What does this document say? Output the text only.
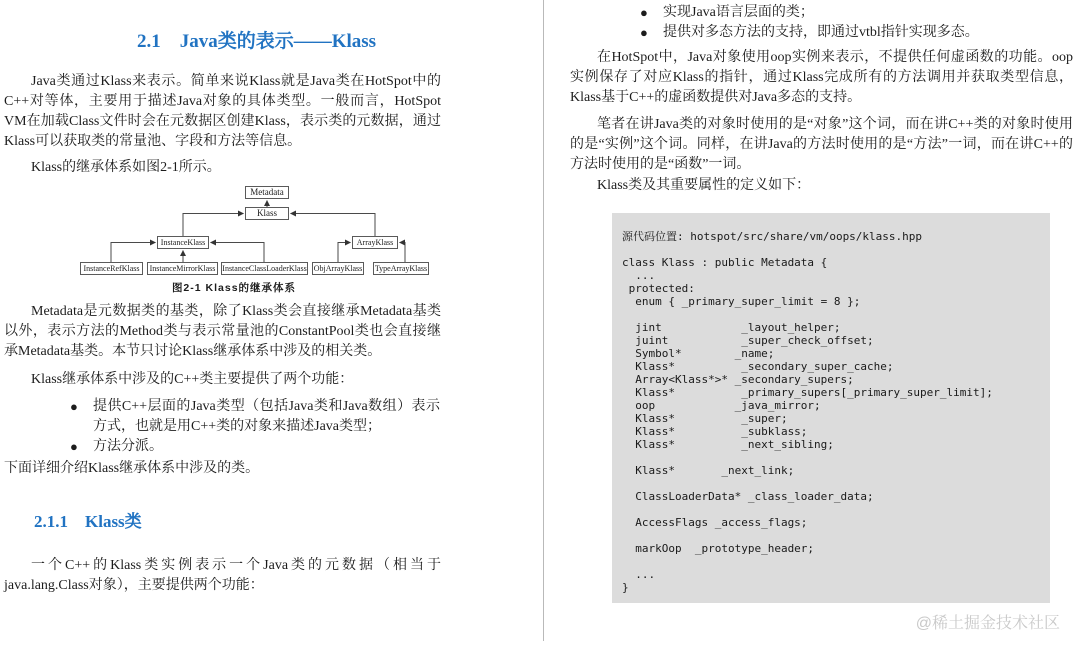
2.1　Java类的表示——Klass

Java类通过Klass来表示。简单来说Klass就是Java类在HotSpot中的C++对等体，主要用于描述Java对象的具体类型。一般而言，HotSpot VM在加载Class文件时会在元数据区创建Klass，表示类的元数据，通过Klass可以获取类的常量池、字段和方法等信息。

Klass的继承体系如图2-1所示。

Metadata
Klass
InstanceKlass	ArrayKlass
InstanceRefKlass	InstanceMirrorKlass InstanceClassLoaderKlass ObjArrayKlass TypeArrayKlass
图2-1 Klass的继承体系

Metadata是元数据类的基类，除了Klass类会直接继承Metadata基类以外，表示方法的Method类与表示常量池的ConstantPool类也会直接继承Metadata基类。本节只讨论Klass继承体系中涉及的相关类。

Klass继承体系中涉及的C++类主要提供了两个功能：

● 提供C++层面的Java类型（包括Java类和Java数组）表示方式，也就是用C++类的对象来描述Java类型；
● 方法分派。

下面详细介绍Klass继承体系中涉及的类。

2.1.1　Klass类

一个C++的Klass类实例表示一个Java类的元数据（相当于java.lang.Class对象），主要提供两个功能：

● 实现Java语言层面的类；
● 提供对多态方法的支持，即通过vtbl指针实现多态。

在HotSpot中，Java对象使用oop实例来表示，不提供任何虚函数的功能。oop实例保存了对应Klass的指针，通过Klass完成所有的方法调用并获取类型信息，Klass基于C++的虚函数提供对Java多态的支持。

笔者在讲Java类的对象时使用的是“对象”这个词，而在讲C++类的对象时使用的是“实例”这个词。同样，在讲Java的方法时使用的是“方法”一词，而在讲C++的方法时使用的是“函数”一词。

Klass类及其重要属性的定义如下：

源代码位置: hotspot/src/share/vm/oops/klass.hpp

class Klass : public Metadata {
...
protected:
enum { _primary_super_limit = 8 };

jint            _layout_helper;
juint           _super_check_offset;
Symbol*        _name;
Klass*          _secondary_super_cache;
Array<Klass*>* _secondary_supers;
Klass*          _primary_supers[_primary_super_limit];
oop            _java_mirror;
Klass*          _super;
Klass*          _subklass;
Klass*          _next_sibling;

Klass*       _next_link;

ClassLoaderData* _class_loader_data;

AccessFlags _access_flags;

markOop  _prototype_header;

...
}
@稀土掘金技术社区
